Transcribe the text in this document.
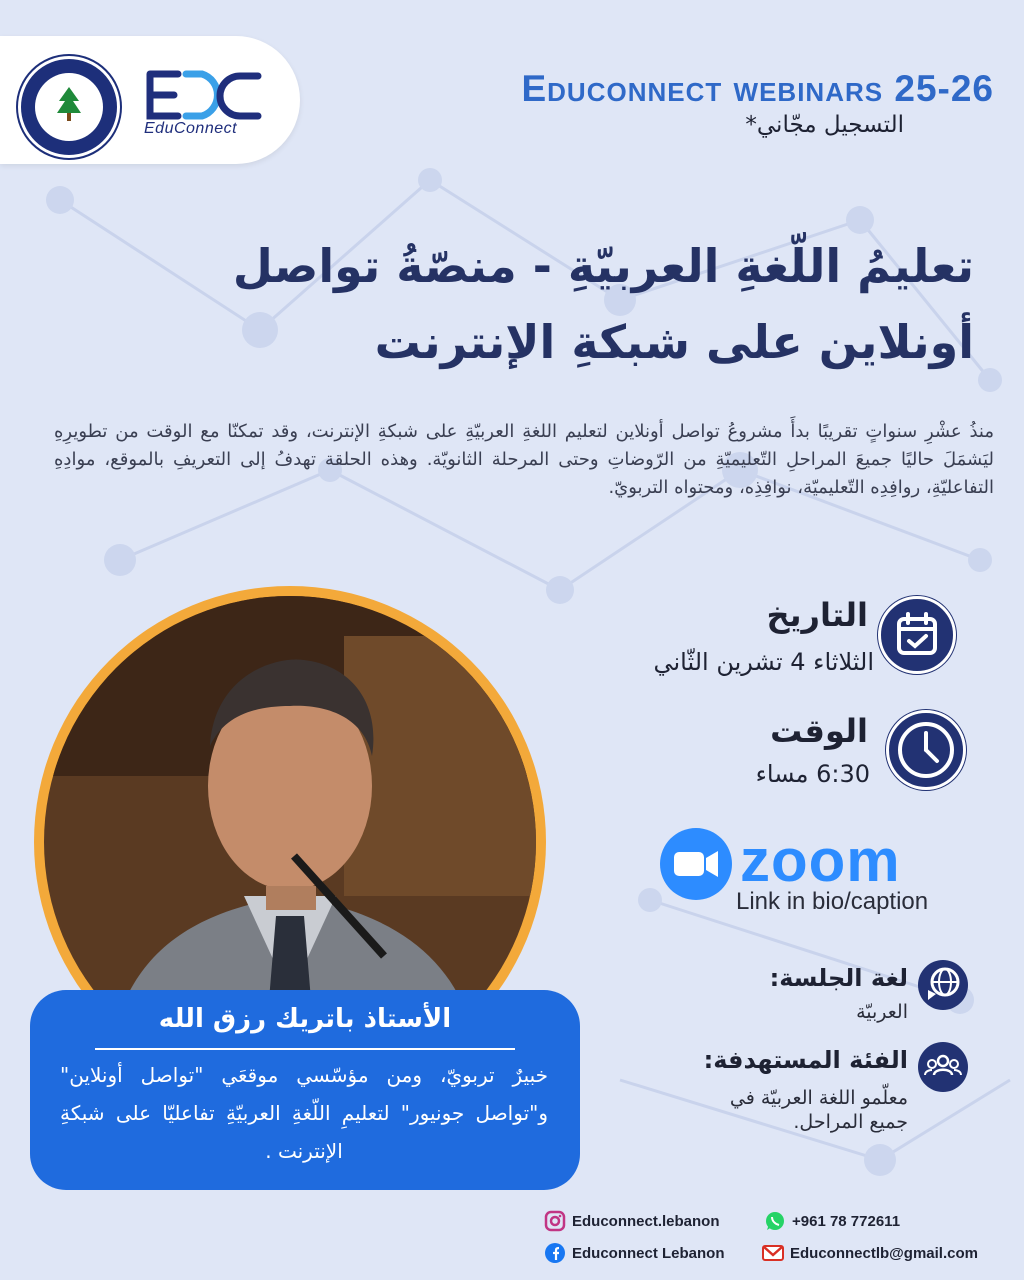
EduConnect
Educonnect webinars 25-26
*التسجيل مجّاني
تعليمُ اللّغةِ العربيّةِ - منصّةُ تواصل
أونلاين على شبكةِ الإنترنت
منذُ عشْرِ سنواتٍ تقريبًا بدأَ مشروعُ تواصل أونلاين لتعليم اللغةِ العربيّةِ على شبكةِ الإنترنت، وقد تمكنّا مع الوقت من تطويرِهِ ليَشمَلَ حاليًا جميعَ المراحلِ التّعليميّةِ من الرّوضاتِ وحتى المرحلة الثانويّة. وهذه الحلقة تهدفُ إلى التعريفِ بالموقع، موادِهِ التفاعليّةِ، روافِدِه التّعليميّة، نوافِذِه، ومحتواه التربويّ.
الأستاذ باتريك رزق الله
خبيرٌ تربويّ، ومن مؤسّسي موقعَي "تواصل أونلاين" و"تواصل جونيور" لتعليمِ اللّغةِ العربيّةِ تفاعليّا على شبكةِ الإنترنت .
التاريخ
الثلاثاء 4 تشرين الثّاني
الوقت
6:30 مساء
zoom
Link in bio/caption
لغة الجلسة:
العربيّة
الفئة المستهدفة:
معلّمو اللغة العربيّة في
جميع المراحل.
Educonnect.lebanon	+961 78 772611
Educonnect Lebanon	Educonnectlb@gmail.com
